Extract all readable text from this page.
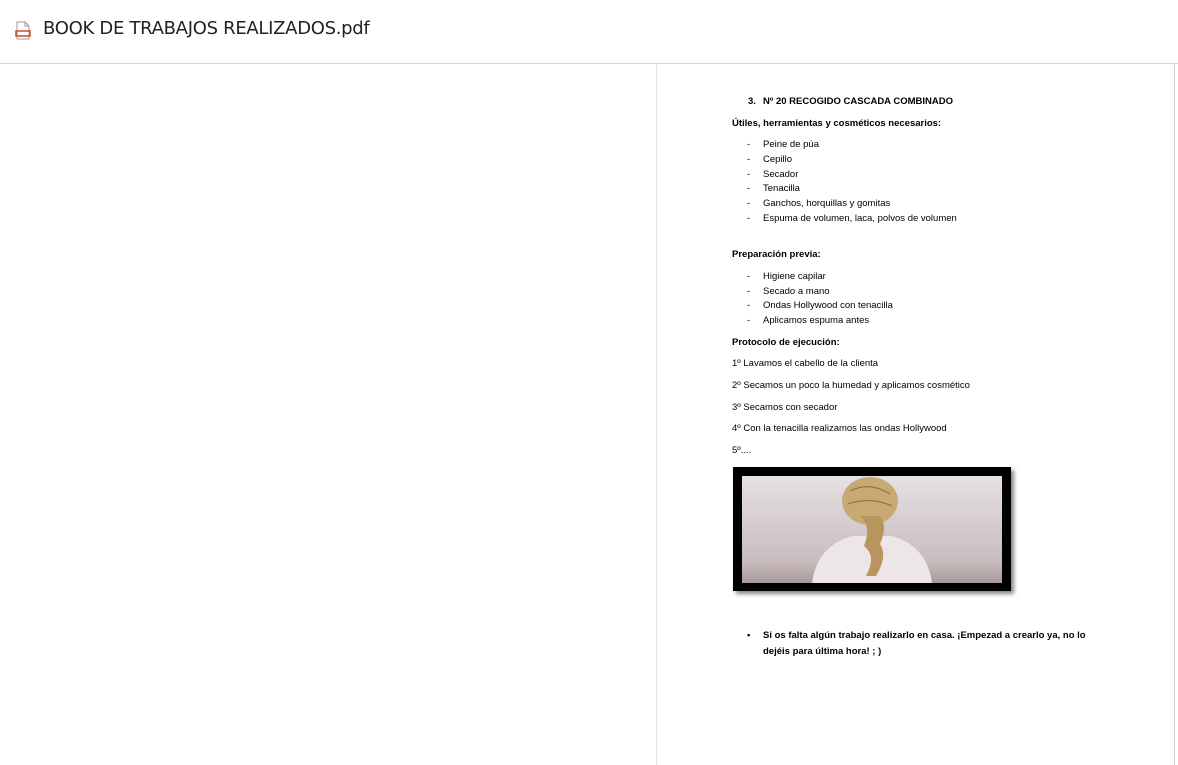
BOOK DE TRABAJOS REALIZADOS.pdf
3. Nº 20 RECOGIDO CASCADA COMBINADO
Útiles, herramientas y cosméticos necesarios:
- Peine de púa
- Cepillo
- Secador
- Tenacilla
- Ganchos, horquillas y gomitas
- Espuma de volumen, laca, polvos de volumen
Preparación previa:
- Higiene capilar
- Secado a mano
- Ondas Hollywood con tenacilla
- Aplicamos espuma antes
Protocolo de ejecución:
1º Lavamos el cabello de la clienta
2º Secamos un poco la humedad y aplicamos cosmético
3º Secamos con secador
4º Con la tenacilla realizamos las ondas Hollywood
5º....
• Si os falta algún trabajo realizarlo en casa. ¡Empezad a crearlo ya, no lo
dejéis para última hora! ; )
